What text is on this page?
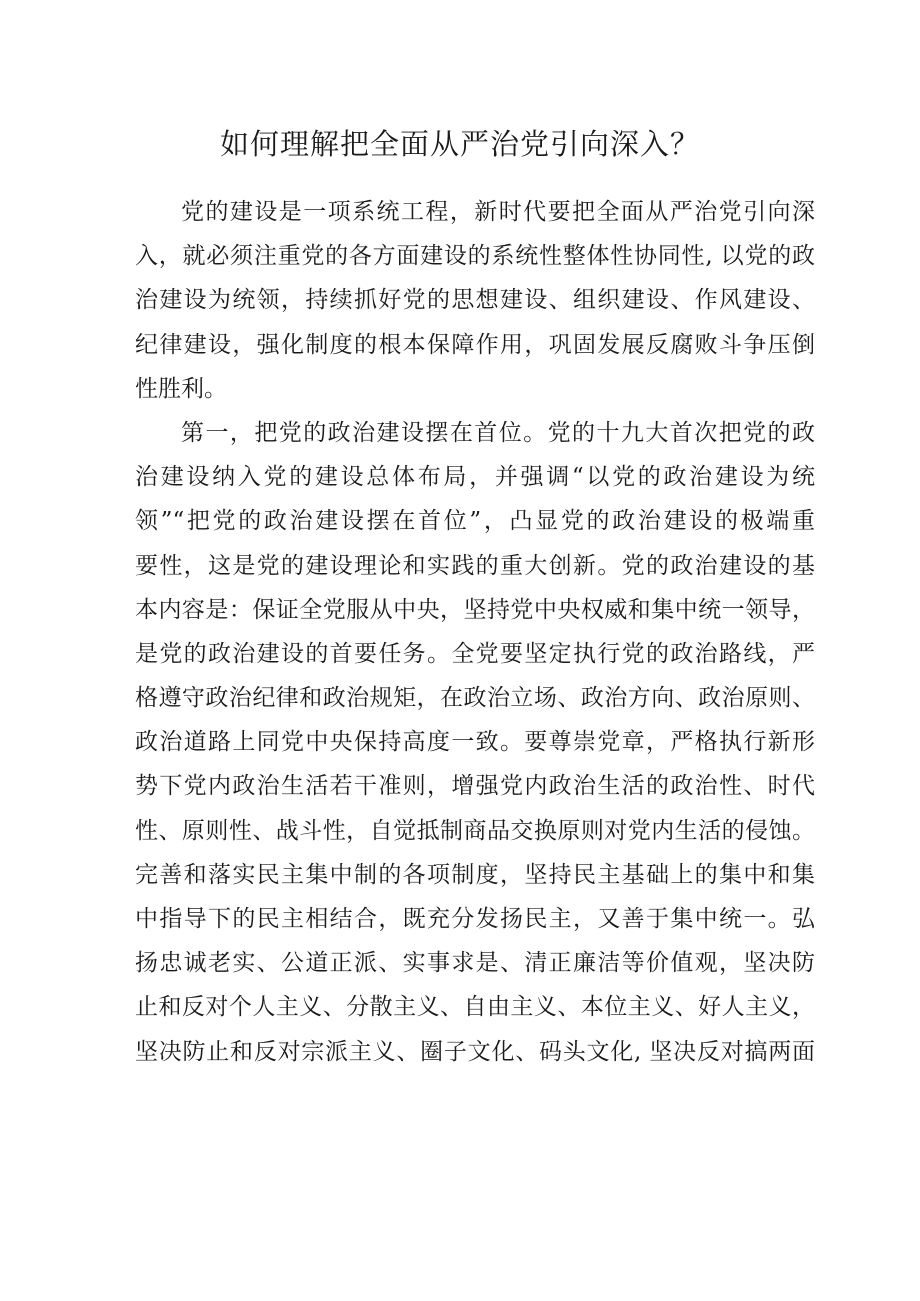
如何理解把全面从严治党引向深入？
党的建设是一项系统工程，新时代要把全面从严治党引向深
入，就必须注重党的各方面建设的系统性整体性协同性, 以党的政
治建设为统领，持续抓好党的思想建设、组织建设、作风建设、
纪律建设，强化制度的根本保障作用，巩固发展反腐败斗争压倒
性胜利。
第一，把党的政治建设摆在首位。党的十九大首次把党的政
治建设纳入党的建设总体布局，并强调“以党的政治建设为统
领”“把党的政治建设摆在首位”，凸显党的政治建设的极端重
要性，这是党的建设理论和实践的重大创新。党的政治建设的基
本内容是：保证全党服从中央，坚持党中央权威和集中统一领导，
是党的政治建设的首要任务。全党要坚定执行党的政治路线，严
格遵守政治纪律和政治规矩，在政治立场、政治方向、政治原则、
政治道路上同党中央保持高度一致。要尊崇党章，严格执行新形
势下党内政治生活若干准则，增强党内政治生活的政治性、时代
性、原则性、战斗性，自觉抵制商品交换原则对党内生活的侵蚀。
完善和落实民主集中制的各项制度，坚持民主基础上的集中和集
中指导下的民主相结合，既充分发扬民主，又善于集中统一。弘
扬忠诚老实、公道正派、实事求是、清正廉洁等价值观，坚决防
止和反对个人主义、分散主义、自由主义、本位主义、好人主义，
坚决防止和反对宗派主义、圈子文化、码头文化, 坚决反对搞两面
